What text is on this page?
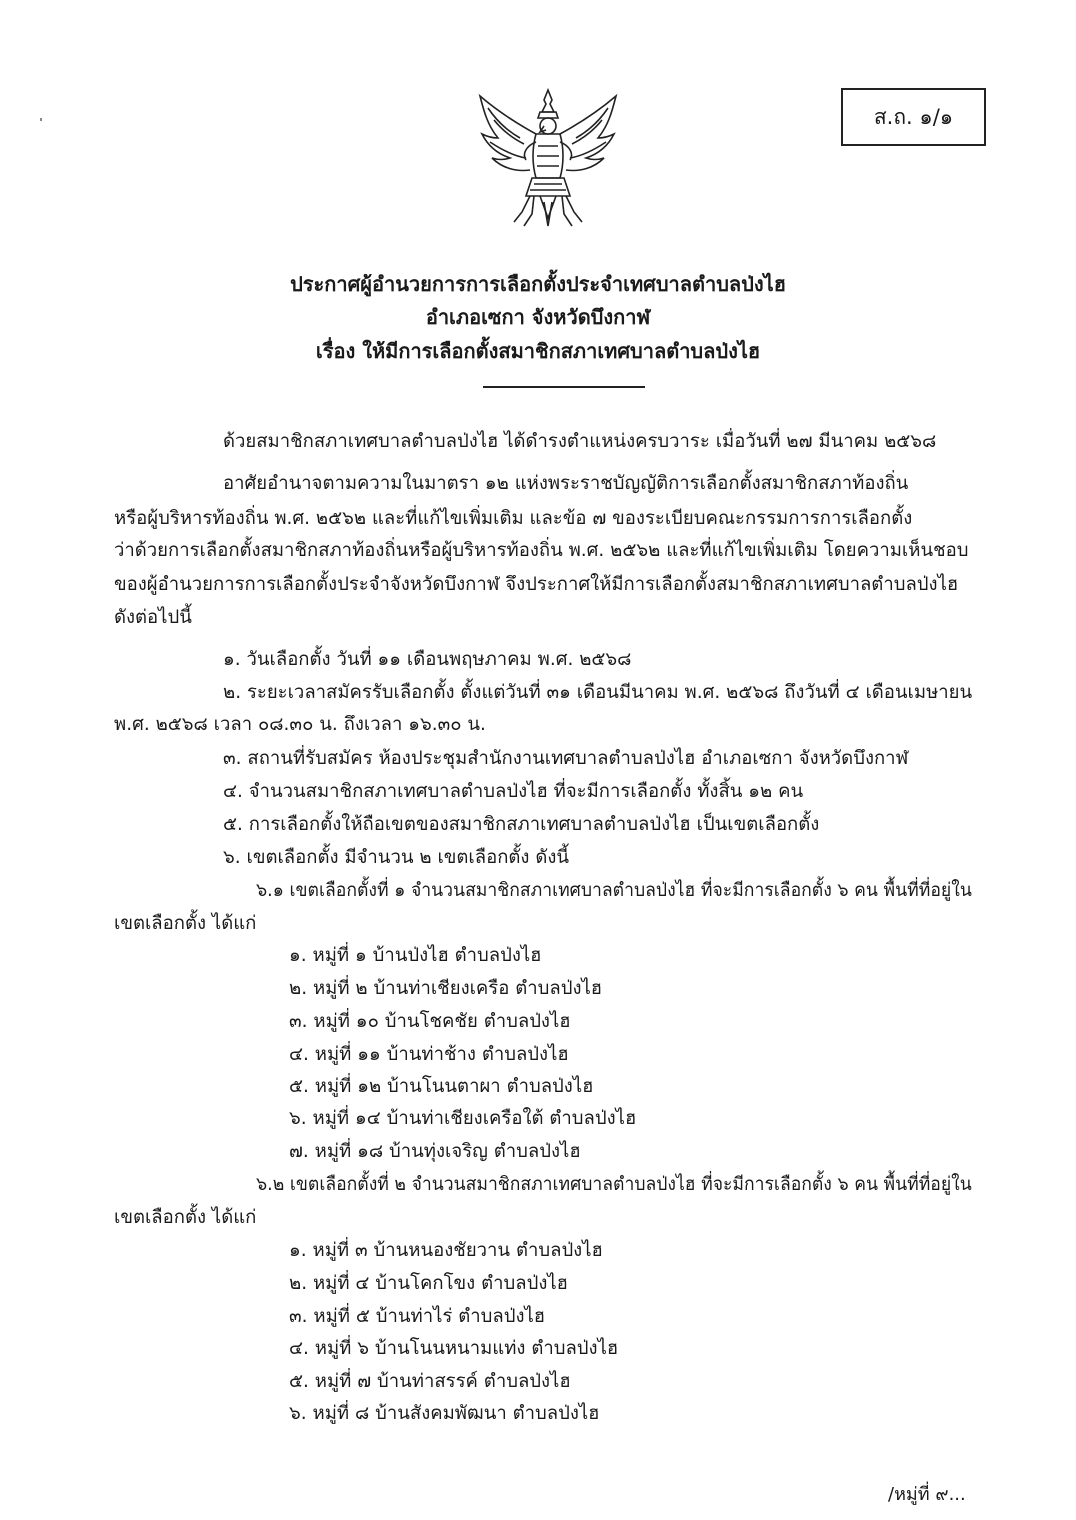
ส.ถ. ๑/๑
ประกาศผู้อำนวยการการเลือกตั้งประจำเทศบาลตำบลป่งไฮ
อำเภอเซกา จังหวัดบึงกาฬ
เรื่อง ให้มีการเลือกตั้งสมาชิกสภาเทศบาลตำบลป่งไฮ
ด้วยสมาชิกสภาเทศบาลตำบลป่งไฮ ได้ดำรงตำแหน่งครบวาระ เมื่อวันที่ ๒๗ มีนาคม ๒๕๖๘
อาศัยอำนาจตามความในมาตรา ๑๒ แห่งพระราชบัญญัติการเลือกตั้งสมาชิกสภาท้องถิ่น
หรือผู้บริหารท้องถิ่น พ.ศ. ๒๕๖๒ และที่แก้ไขเพิ่มเติม และข้อ ๗ ของระเบียบคณะกรรมการการเลือกตั้ง
ว่าด้วยการเลือกตั้งสมาชิกสภาท้องถิ่นหรือผู้บริหารท้องถิ่น พ.ศ. ๒๕๖๒ และที่แก้ไขเพิ่มเติม โดยความเห็นชอบ
ของผู้อำนวยการการเลือกตั้งประจำจังหวัดบึงกาฬ จึงประกาศให้มีการเลือกตั้งสมาชิกสภาเทศบาลตำบลป่งไฮ
ดังต่อไปนี้
๑. วันเลือกตั้ง วันที่ ๑๑ เดือนพฤษภาคม พ.ศ. ๒๕๖๘
๒. ระยะเวลาสมัครรับเลือกตั้ง ตั้งแต่วันที่ ๓๑ เดือนมีนาคม พ.ศ. ๒๕๖๘ ถึงวันที่ ๔ เดือนเมษายน
พ.ศ. ๒๕๖๘ เวลา ๐๘.๓๐ น. ถึงเวลา ๑๖.๓๐ น.
๓. สถานที่รับสมัคร ห้องประชุมสำนักงานเทศบาลตำบลป่งไฮ อำเภอเซกา จังหวัดบึงกาฬ
๔. จำนวนสมาชิกสภาเทศบาลตำบลป่งไฮ ที่จะมีการเลือกตั้ง ทั้งสิ้น ๑๒ คน
๕. การเลือกตั้งให้ถือเขตของสมาชิกสภาเทศบาลตำบลป่งไฮ เป็นเขตเลือกตั้ง
๖. เขตเลือกตั้ง มีจำนวน ๒ เขตเลือกตั้ง ดังนี้
๖.๑ เขตเลือกตั้งที่ ๑ จำนวนสมาชิกสภาเทศบาลตำบลป่งไฮ ที่จะมีการเลือกตั้ง ๖ คน พื้นที่ที่อยู่ใน
เขตเลือกตั้ง ได้แก่
๑. หมู่ที่ ๑ บ้านป่งไฮ ตำบลป่งไฮ
๒. หมู่ที่ ๒ บ้านท่าเชียงเครือ ตำบลป่งไฮ
๓. หมู่ที่ ๑๐ บ้านโชคชัย ตำบลป่งไฮ
๔. หมู่ที่ ๑๑ บ้านท่าช้าง ตำบลป่งไฮ
๕. หมู่ที่ ๑๒ บ้านโนนตาผา ตำบลป่งไฮ
๖. หมู่ที่ ๑๔ บ้านท่าเชียงเครือใต้ ตำบลป่งไฮ
๗. หมู่ที่ ๑๘ บ้านทุ่งเจริญ ตำบลป่งไฮ
๖.๒ เขตเลือกตั้งที่ ๒ จำนวนสมาชิกสภาเทศบาลตำบลป่งไฮ ที่จะมีการเลือกตั้ง ๖ คน พื้นที่ที่อยู่ใน
เขตเลือกตั้ง ได้แก่
๑. หมู่ที่ ๓ บ้านหนองชัยวาน ตำบลป่งไฮ
๒. หมู่ที่ ๔ บ้านโคกโขง ตำบลป่งไฮ
๓. หมู่ที่ ๕ บ้านท่าไร่ ตำบลป่งไฮ
๔. หมู่ที่ ๖ บ้านโนนหนามแท่ง ตำบลป่งไฮ
๕. หมู่ที่ ๗ บ้านท่าสรรค์ ตำบลป่งไฮ
๖. หมู่ที่ ๘ บ้านสังคมพัฒนา ตำบลป่งไฮ
/หมู่ที่ ๙...
